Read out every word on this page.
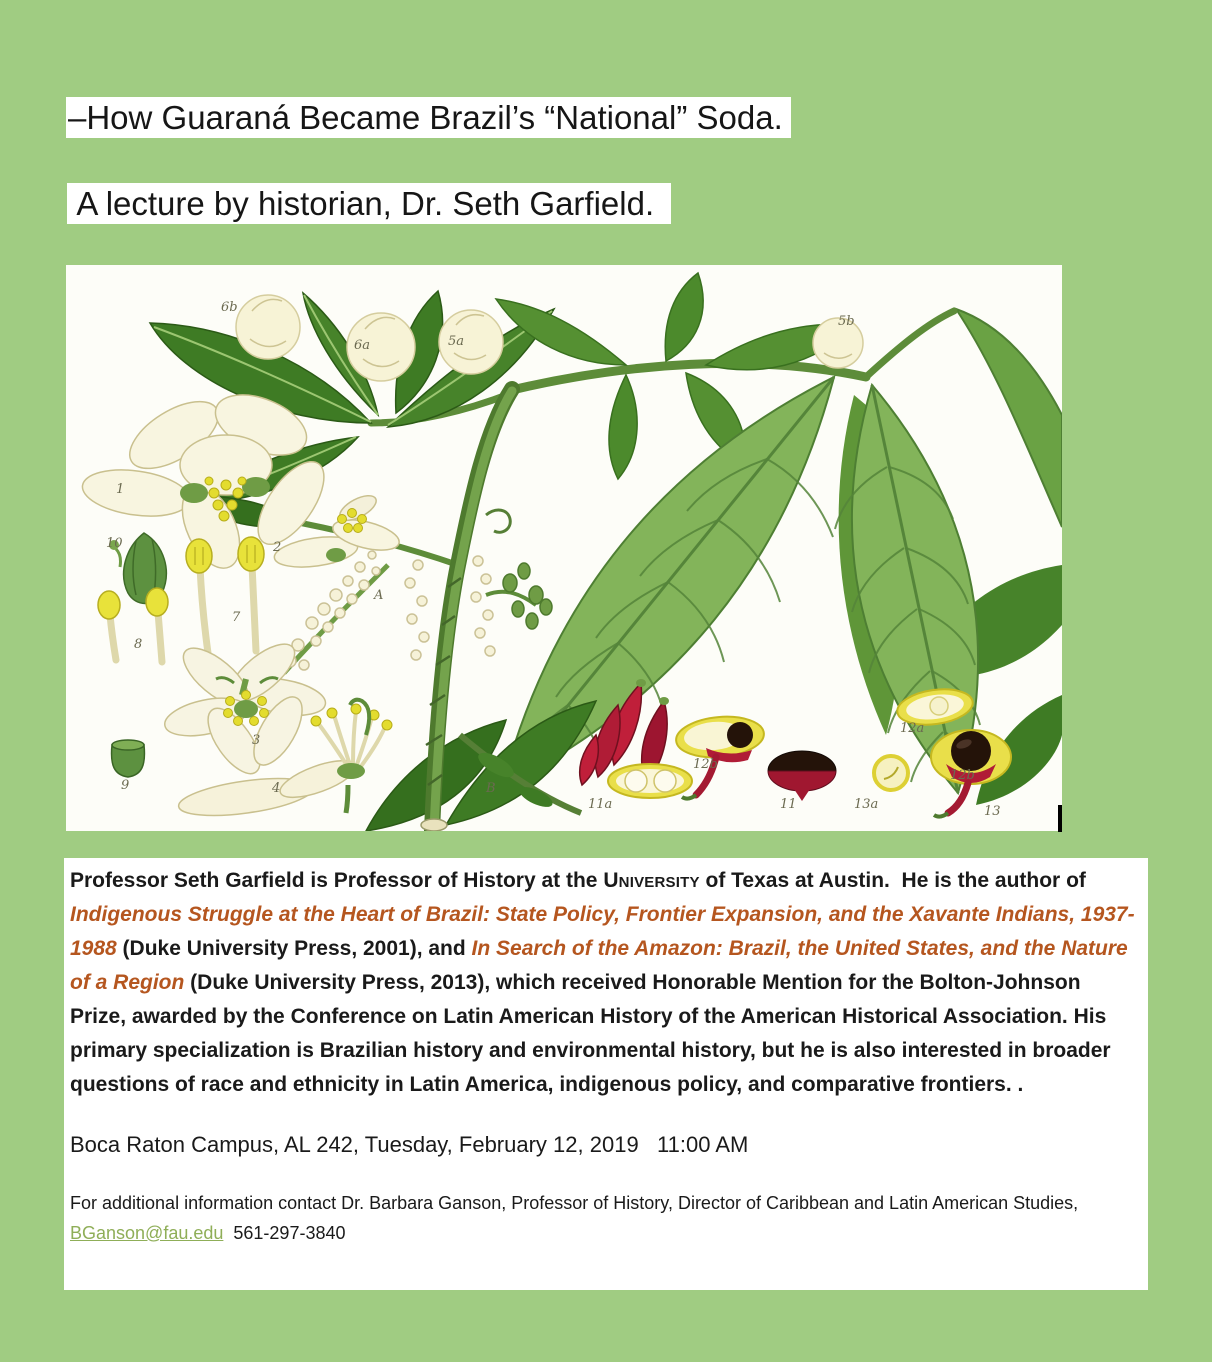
–How Guaraná Became Brazil’s “National” Soda.
A lecture by historian, Dr. Seth Garfield.
6b
6a	5a
5b
1
2
10
8
7
A
3
9	4	B
11a
12b
11	13a
12a
12b
13

Professor Seth Garfield is Professor of History at the University of Texas at Austin.  He is the author of Indigenous Struggle at the Heart of Brazil: State Policy, Frontier Expansion, and the Xavante Indians, 1937-1988 (Duke University Press, 2001), and In Search of the Amazon: Brazil, the United States, and the Nature of a Region (Duke University Press, 2013), which received Honorable Mention for the Bolton-Johnson Prize, awarded by the Conference on Latin American History of the American Historical Association. His primary specialization is Brazilian history and environmental history, but he is also interested in broader questions of race and ethnicity in Latin America, indigenous policy, and comparative frontiers. .

Boca Raton Campus, AL 242, Tuesday, February 12, 2019   11:00 AM

For additional information contact Dr. Barbara Ganson, Professor of History, Director of Caribbean and Latin American Studies, BGanson@fau.edu  561-297-3840
